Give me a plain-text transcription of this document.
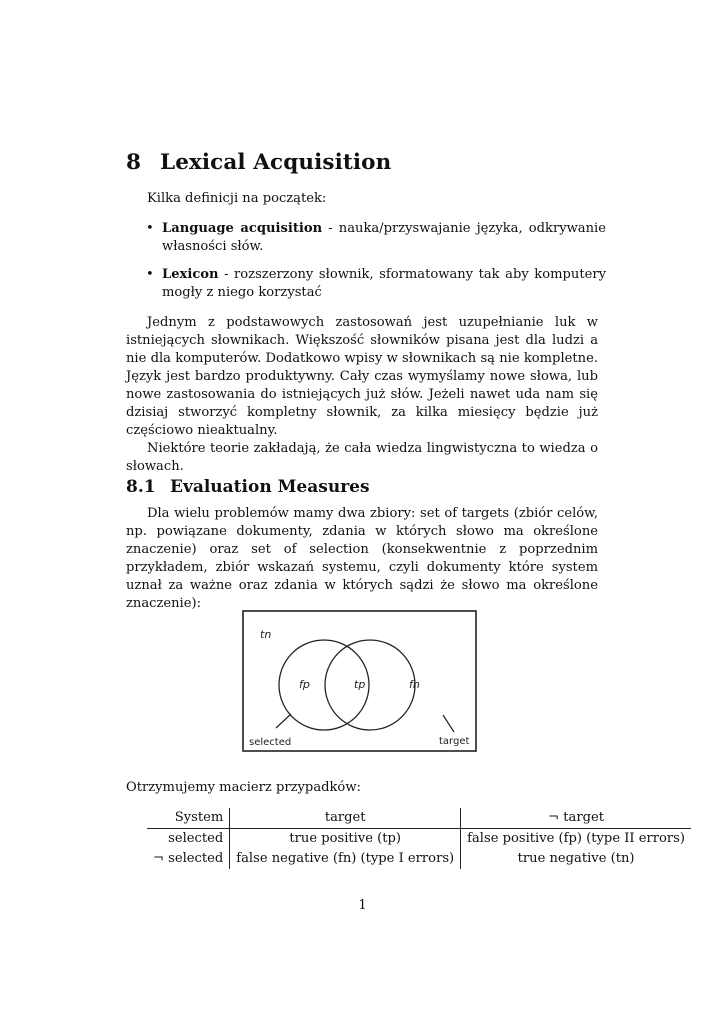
8 Lexical Acquisition
Kilka definicji na początek:
• Language acquisition - nauka/przyswajanie języka, odkrywanie własności słów.
• Lexicon - rozszerzony słownik, sformatowany tak aby komputery mogły z niego korzystać

Jednym z podstawowych zastosowań jest uzupełnianie luk w istniejących słownikach. Większość słowników pisana jest dla ludzi a nie dla komputerów. Dodatkowo wpisy w słownikach są nie kompletne. Język jest bardzo produktywny. Cały czas wymyślamy nowe słowa, lub nowe zastosowania do istniejących już słów. Jeżeli nawet uda nam się dzisiaj stworzyć kompletny słownik, za kilka miesięcy będzie już częściowo nieaktualny.

Niektóre teorie zakładają, że cała wiedza lingwistyczna to wiedza o słowach.

8.1 Evaluation Measures

Dla wielu problemów mamy dwa zbiory: set of targets (zbiór celów, np. powiązane dokumenty, zdania w których słowo ma określone znaczenie) oraz set of selection (konsekwentnie z poprzednim przykładem, zbiór wskazań systemu, czyli dokumenty które system uznał za ważne oraz zdania w których sądzi że słowo ma określone znaczenie):

tn
fp	tp	fn
selected	target
Otrzymujemy macierz przypadków:
System	target	¬ target
selected	true positive (tp)	false positive (fp) (type II errors)
¬ selected	false negative (fn) (type I errors)	true negative (tn)
1
